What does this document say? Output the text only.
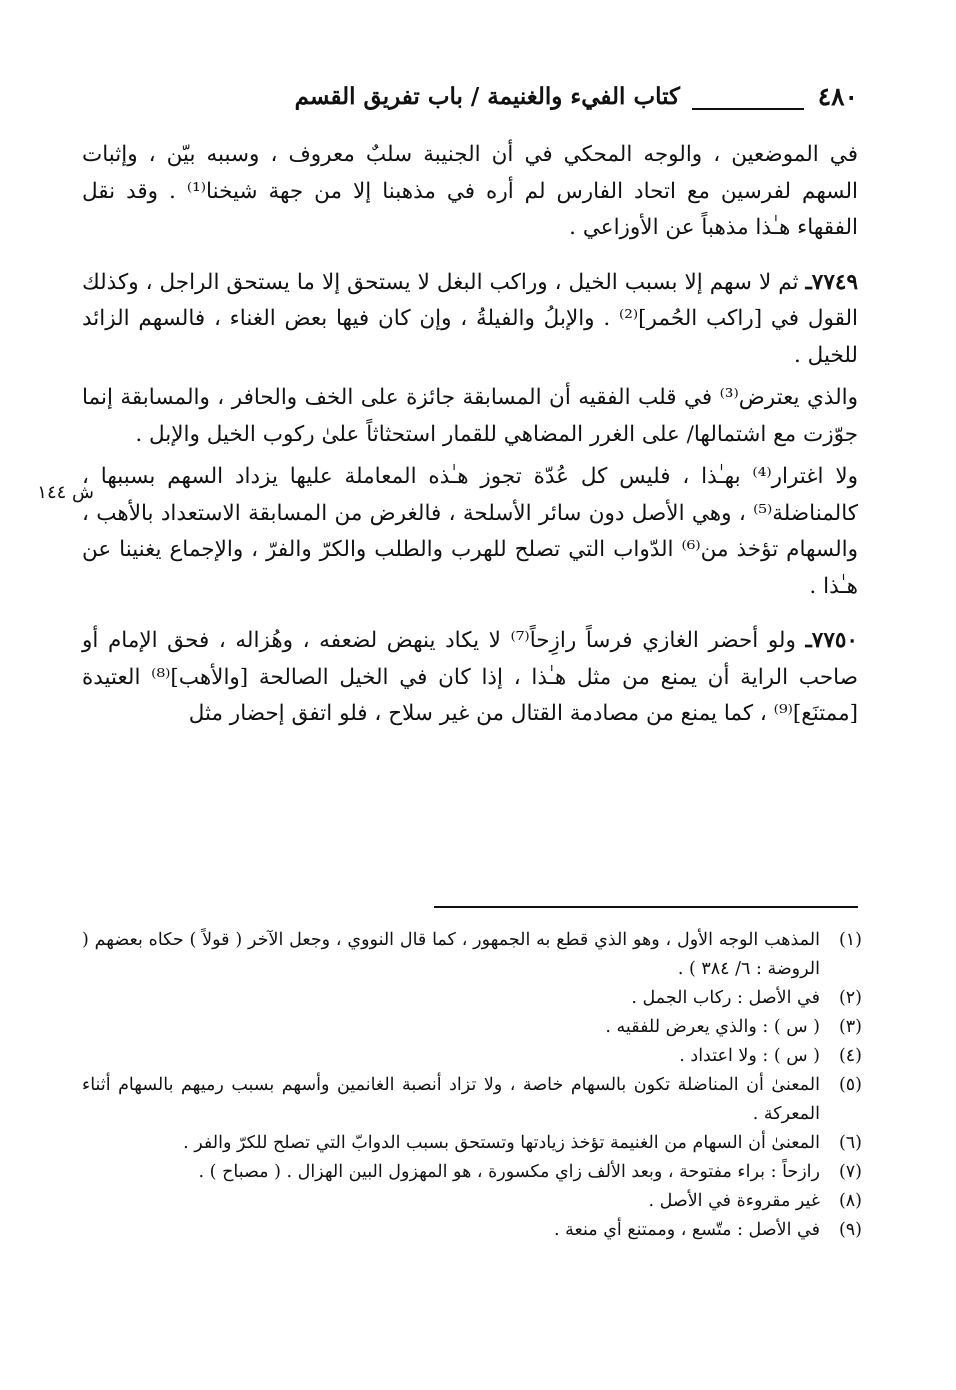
٤٨٠
كتاب الفيء والغنيمة / باب تفريق القسم

في الموضعين ، والوجه المحكي في أن الجنيبة سلبٌ معروف ، وسببه بيّن ، وإثبات السهم لفرسين مع اتحاد الفارس لم أره في مذهبنا إلا من جهة شيخنا⁽¹⁾ . وقد نقل الفقهاء هـٰذا مذهباً عن الأوزاعي .

٧٧٤٩ـ ثم لا سهم إلا بسبب الخيل ، وراكب البغل لا يستحق إلا ما يستحق الراجل ، وكذلك القول في [راكب الحُمر]⁽²⁾ . والإبلُ والفيلةُ ، وإن كان فيها بعض الغناء ، فالسهم الزائد للخيل .

والذي يعترض⁽³⁾ في قلب الفقيه أن المسابقة جائزة على الخف والحافر ، والمسابقة إنما جوّزت مع اشتمالها/ على الغرر المضاهي للقمار استحثاثاً علىٰ ركوب الخيل والإبل .

ولا اغترار⁽⁴⁾ بهـٰذا ، فليس كل عُدّة تجوز هـٰذه المعاملة عليها يزداد السهم بسببها ، كالمناضلة⁽⁵⁾ ، وهي الأصل دون سائر الأسلحة ، فالغرض من المسابقة الاستعداد بالأهب ، والسهام تؤخذ من⁽⁶⁾ الدّواب التي تصلح للهرب والطلب والكرّ والفرّ ، والإجماع يغنينا عن هـٰذا .

٧٧٥٠ـ ولو أحضر الغازي فرساً رازِحاً⁽⁷⁾ لا يكاد ينهض لضعفه ، وهُزاله ، فحق الإمام أو صاحب الراية أن يمنع من مثل هـٰذا ، إذا كان في الخيل الصالحة [والأهب]⁽⁸⁾ العتيدة [ممتنَع]⁽⁹⁾ ، كما يمنع من مصادمة القتال من غير سلاح ، فلو اتفق إحضار مثل

ش ١٤٤
(١)
المذهب الوجه الأول ، وهو الذي قطع به الجمهور ، كما قال النووي ، وجعل الآخر ( قولاً ) حكاه بعضهم ( الروضة : ٦/ ٣٨٤ ) .
(٢)
في الأصل : ركاب الجمل .
(٣)
( س ) : والذي يعرض للفقيه .
(٤)
( س ) : ولا اعتداد .
(٥)
المعنىٰ أن المناضلة تكون بالسهام خاصة ، ولا تزاد أنصبة الغانمين وأسهم بسبب رميهم بالسهام أثناء المعركة .
(٦)
المعنىٰ أن السهام من الغنيمة تؤخذ زيادتها وتستحق بسبب الدوابّ التي تصلح للكرّ والفر .
(٧)
رازحاً : براء مفتوحة ، وبعد الألف زاي مكسورة ، هو المهزول البين الهزال . ( مصباح ) .
(٨)
غير مقروءة في الأصل .
(٩)
في الأصل : متّسع ، وممتنع أي منعة .
